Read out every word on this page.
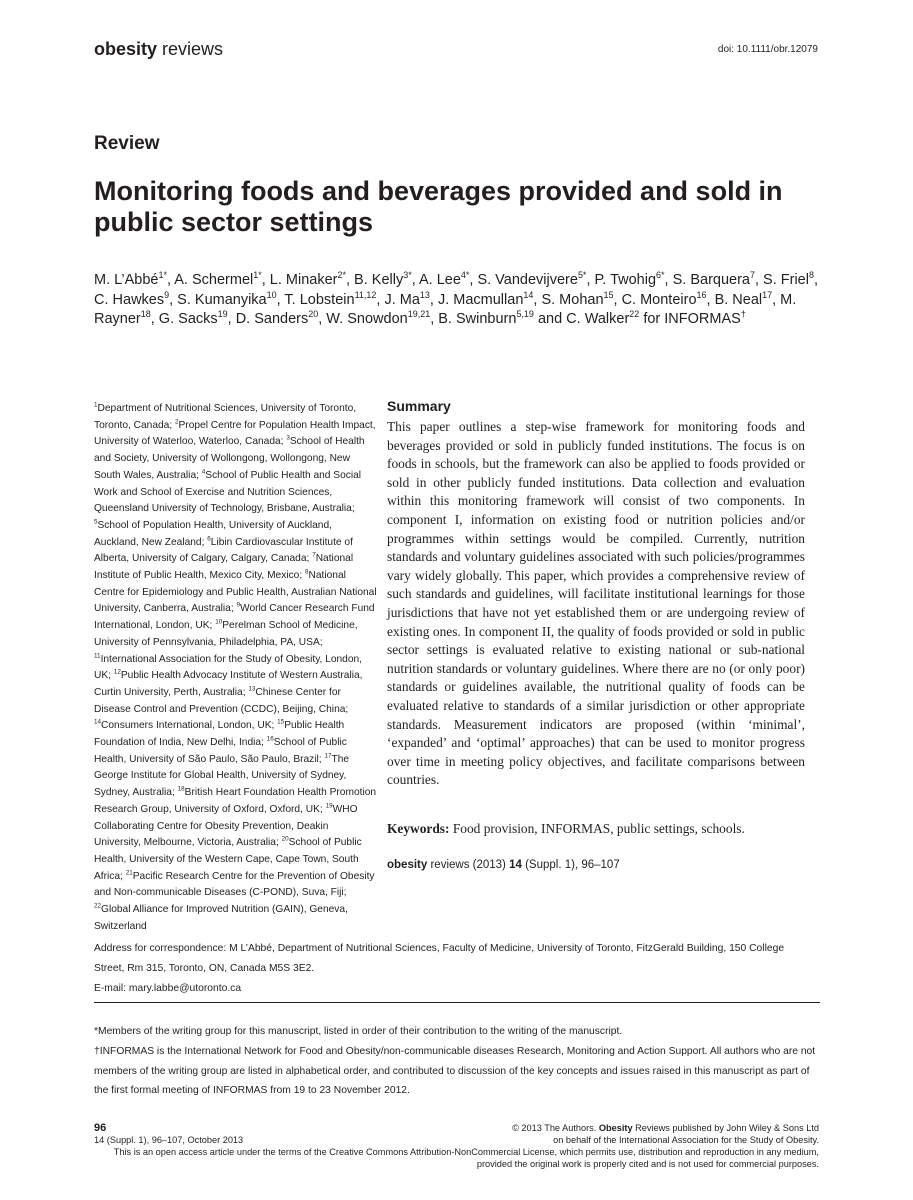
obesity reviews	doi: 10.1111/obr.12079
Review
Monitoring foods and beverages provided and sold in public sector settings
M. L’Abbé$^{1*}$, A. Schermel$^{1*}$, L. Minaker$^{2*}$, B. Kelly$^{3*}$, A. Lee$^{4*}$, S. Vandevijvere$^{5*}$, P. Twohig$^{6*}$, S. Barquera$^7$, S. Friel$^8$, C. Hawkes$^9$, S. Kumanyika$^{10}$, T. Lobstein$^{11,12}$, J. Ma$^{13}$, J. Macmullan$^{14}$, S. Mohan$^{15}$, C. Monteiro$^{16}$, B. Neal$^{17}$, M. Rayner$^{18}$, G. Sacks$^{19}$, D. Sanders$^{20}$, W. Snowdon$^{19,21}$, B. Swinburn$^{5,19}$ and C. Walker$^{22}$ for INFORMAS†
$^1$Department of Nutritional Sciences, University of Toronto, Toronto, Canada; $^2$Propel Centre for Population Health Impact, University of Waterloo, Waterloo, Canada; $^3$School of Health and Society, University of Wollongong, Wollongong, New South Wales, Australia; $^4$School of Public Health and Social Work and School of Exercise and Nutrition Sciences, Queensland University of Technology, Brisbane, Australia; $^5$School of Population Health, University of Auckland, Auckland, New Zealand; $^6$Libin Cardiovascular Institute of Alberta, University of Calgary, Calgary, Canada; $^7$National Institute of Public Health, Mexico City, Mexico; $^8$National Centre for Epidemiology and Public Health, Australian National University, Canberra, Australia; $^9$World Cancer Research Fund International, London, UK; $^{10}$Perelman School of Medicine, University of Pennsylvania, Philadelphia, PA, USA; $^{11}$International Association for the Study of Obesity, London, UK; $^{12}$Public Health Advocacy Institute of Western Australia, Curtin University, Perth, Australia; $^{13}$Chinese Center for Disease Control and Prevention (CCDC), Beijing, China; $^{14}$Consumers International, London, UK; $^{15}$Public Health Foundation of India, New Delhi, India; $^{16}$School of Public Health, University of São Paulo, São Paulo, Brazil; $^{17}$The George Institute for Global Health, University of Sydney, Sydney, Australia; $^{18}$British Heart Foundation Health Promotion Research Group, University of Oxford, Oxford, UK; $^{19}$WHO Collaborating Centre for Obesity Prevention, Deakin University, Melbourne, Victoria, Australia; $^{20}$School of Public Health, University of the Western Cape, Cape Town, South Africa; $^{21}$Pacific Research Centre for the Prevention of Obesity and Non-communicable Diseases (C-POND), Suva, Fiji; $^{22}$Global Alliance for Improved Nutrition (GAIN), Geneva, Switzerland
Summary
This paper outlines a step-wise framework for monitoring foods and beverages provided or sold in publicly funded institutions. The focus is on foods in schools, but the framework can also be applied to foods provided or sold in other publicly funded institutions. Data collection and evaluation within this monitoring framework will consist of two components. In component I, information on existing food or nutrition policies and/or programmes within settings would be compiled. Currently, nutrition standards and voluntary guidelines associated with such policies/programmes vary widely globally. This paper, which provides a comprehensive review of such standards and guidelines, will facilitate institutional learnings for those jurisdictions that have not yet established them or are undergoing review of existing ones. In component II, the quality of foods provided or sold in public sector settings is evaluated relative to existing national or sub-national nutrition standards or voluntary guidelines. Where there are no (or only poor) standards or guidelines available, the nutritional quality of foods can be evaluated relative to standards of a similar jurisdiction or other appropriate standards. Measurement indicators are proposed (within ‘minimal’, ‘expanded’ and ‘optimal’ approaches) that can be used to monitor progress over time in meeting policy objectives, and facilitate comparisons between countries.
Keywords: Food provision, INFORMAS, public settings, schools.
obesity reviews (2013) 14 (Suppl. 1), 96–107
Address for correspondence: M L’Abbé, Department of Nutritional Sciences, Faculty of Medicine, University of Toronto, FitzGerald Building, 150 College Street, Rm 315, Toronto, ON, Canada M5S 3E2.
E-mail: mary.labbe@utoronto.ca

*Members of the writing group for this manuscript, listed in order of their contribution to the writing of the manuscript.

†INFORMAS is the International Network for Food and Obesity/non-communicable diseases Research, Monitoring and Action Support. All authors who are not members of the writing group are listed in alphabetical order, and contributed to discussion of the key concepts and issues raised in this manuscript as part of the first formal meeting of INFORMAS from 19 to 23 November 2012.

96
14 (Suppl. 1), 96–107, October 2013
© 2013 The Authors. Obesity Reviews published by John Wiley & Sons Ltd
on behalf of the International Association for the Study of Obesity.
This is an open access article under the terms of the Creative Commons Attribution-NonCommercial License, which permits use, distribution and reproduction in any medium, provided the original work is properly cited and is not used for commercial purposes.
